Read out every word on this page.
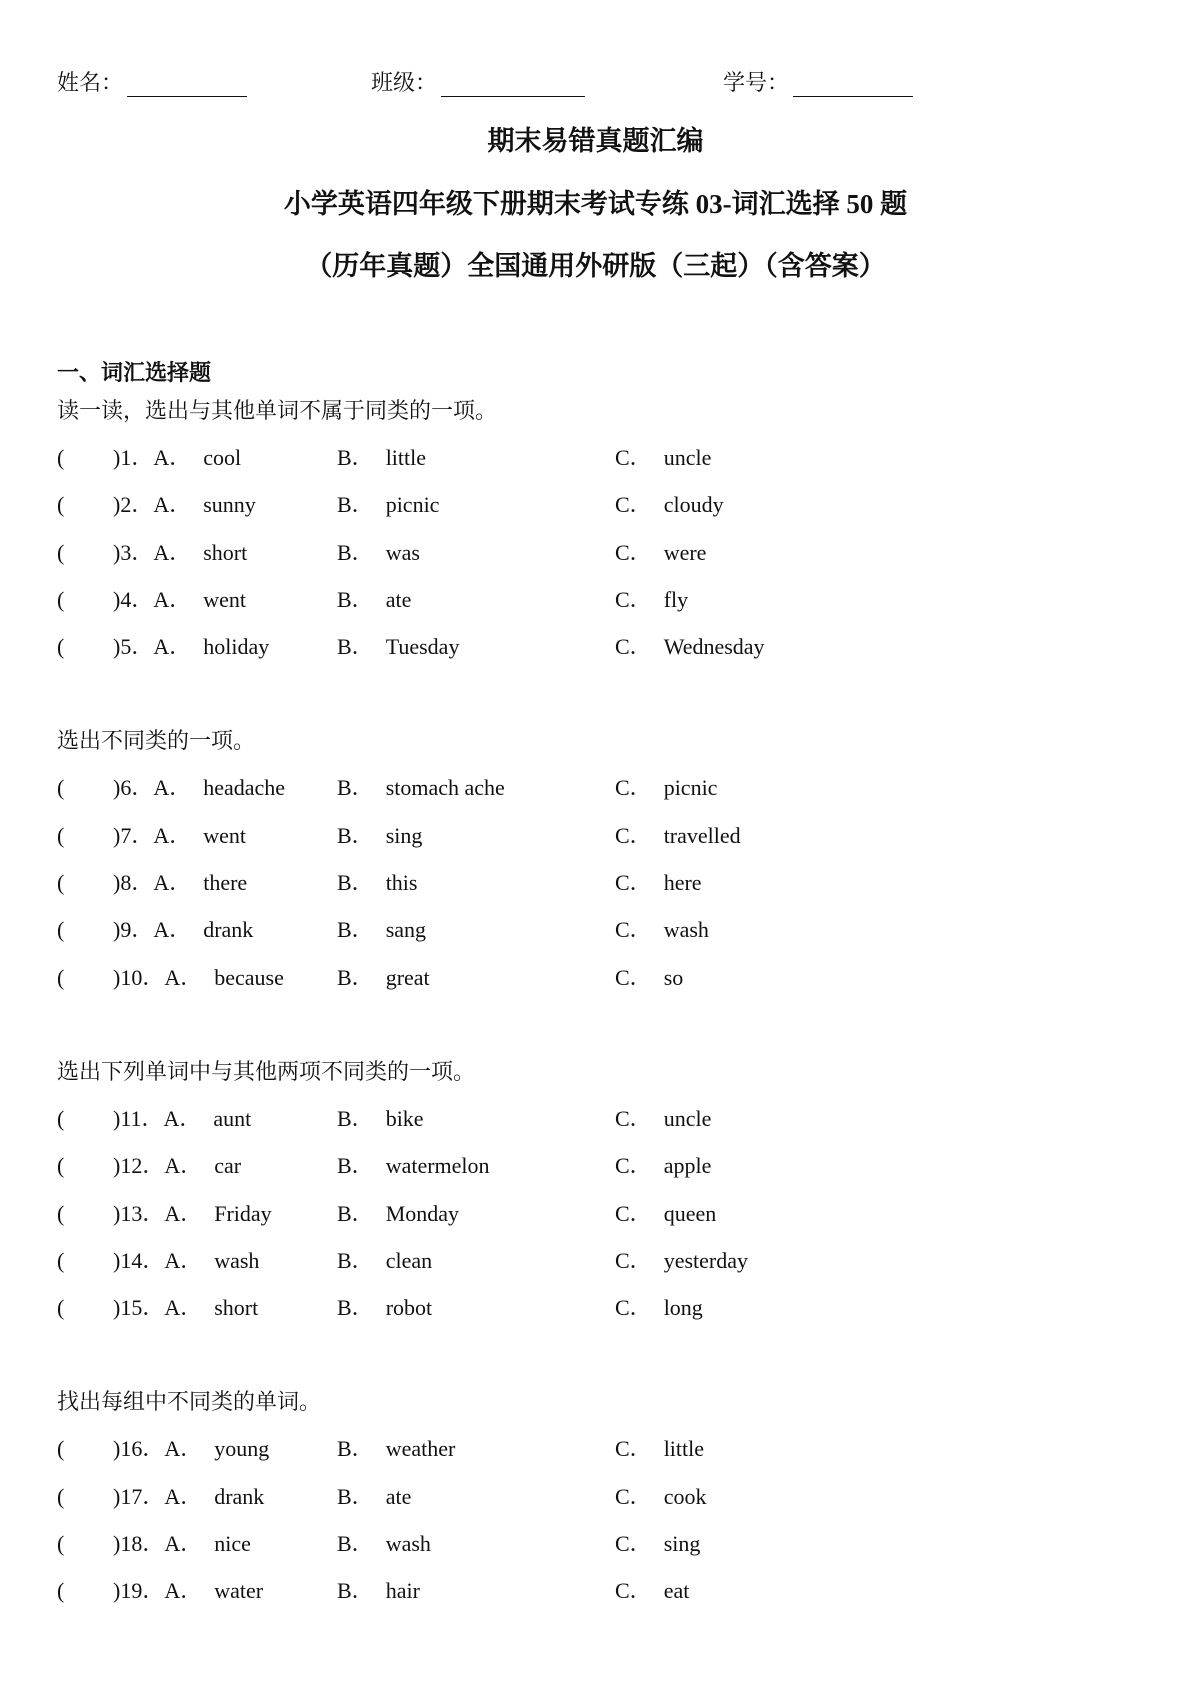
姓名：	班级：	学号：
期末易错真题汇编
小学英语四年级下册期末考试专练 03-词汇选择 50 题
（历年真题）全国通用外研版（三起）（含答案）
一、词汇选择题
读一读，选出与其他单词不属于同类的一项。
( )1．A． cool	B． little	C． uncle
( )2．A． sunny	B． picnic	C． cloudy
( )3．A． short	B． was	C． were
( )4．A． went	B． ate	C． fly
( )5．A． holiday	B． Tuesday	C． Wednesday
选出不同类的一项。
( )6．A． headache B． stomach ache	C． picnic
( )7．A． went	B． sing	C． travelled
( )8．A． there	B． this	C． here
( )9．A． drank	B． sang	C． wash
( )10．A． because B． great	C． so
选出下列单词中与其他两项不同类的一项。
( )11．A． aunt	B． bike	C． uncle
( )12．A． car	B． watermelon	C． apple
( )13．A． Friday	B． Monday	C． queen
( )14．A． wash	B． clean	C． yesterday
( )15．A． short	B． robot	C． long
找出每组中不同类的单词。
( )16．A． young	B． weather	C． little
( )17．A． drank	B． ate	C． cook
( )18．A． nice	B． wash	C． sing
( )19．A． water	B． hair	C． eat
